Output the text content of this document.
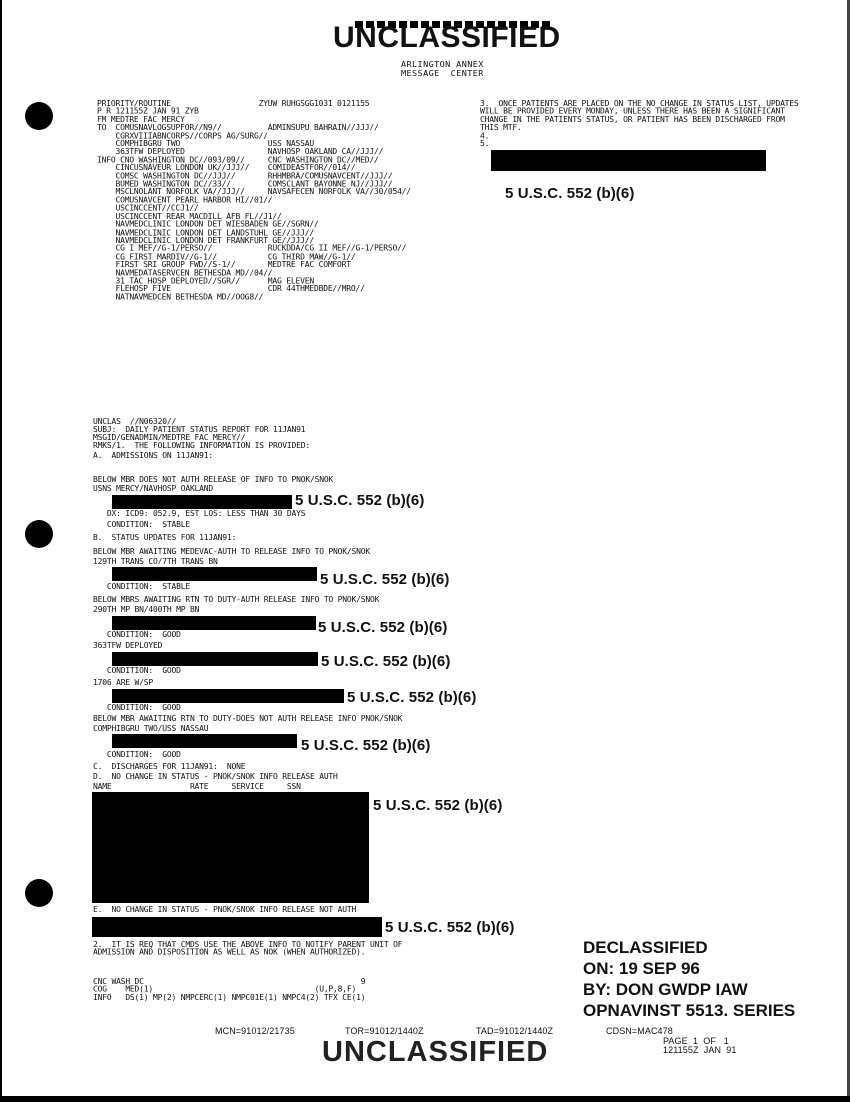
UNCLASSIFIED
ARLINGTON ANNEX
MESSAGE  CENTER
PRIORITY/ROUTINE                   ZYUW RUHGSGG1031 0121155
P R 121155Z JAN 91 ZYB
FM MEDTRE FAC MERCY
TO  COMUSNAVLOGSUPFOR//N9//          ADMINSUPU BAHRAIN//JJJ//
CGRXVIIIABNCORPS//CORPS AG/SURG//
COMPHIBGRU TWO                   USS NASSAU
363TFW DEPLOYED                  NAVHOSP OAKLAND CA//JJJ//
INFO CNO WASHINGTON DC//093/09//     CNC WASHINGTON DC//MED//
CINCUSNAVEUR LONDON UK//JJJ//    COMIDEASTFOR//014//
COMSC WASHINGTON DC//JJJ//       RHHMBRA/COMUSNAVCENT//JJJ//
BUMED WASHINGTON DC//33//        COMSCLANT BAYONNE NJ//JJJ//
MSCLNOLANT NORFOLK VA//JJJ//     NAVSAFECEN NORFOLK VA//30/054//
COMUSNAVCENT PEARL HARBOR HI//01//
USCINCCENT//CCJ1//
USCINCCENT REAR MACDILL AFB FL//J1//
NAVMEDCLINIC LONDON DET WIESBADEN GE//SGRN//
NAVMEDCLINIC LONDON DET LANDSTUHL GE//JJJ//
NAVMEDCLINIC LONDON DET FRANKFURT GE//JJJ//
CG I MEF//G-1/PERSO//            RUCKDDA/CG II MEF//G-1/PERSO//
CG FIRST MARDIV//G-1//           CG THIRD MAW//G-1//
FIRST SRI GROUP FWD//S-1//       MEDTRE FAC COMFORT
NAVMEDATASERVCEN BETHESDA MD//04//
31 TAC HOSP DEPLOYED//SGR//      MAG ELEVEN
FLEHOSP FIVE                     CDR 44THMEDBDE//MRO//
NATNAVMEDCEN BETHESDA MD//OOG8//
3.  ONCE PATIENTS ARE PLACED ON THE NO CHANGE IN STATUS LIST, UPDATES
WILL BE PROVIDED EVERY MONDAY, UNLESS THERE HAS BEEN A SIGNIFICANT
CHANGE IN THE PATIENTS STATUS, OR PATIENT HAS BEEN DISCHARGED FROM
THIS MTF.
4.
5.
5 U.S.C. 552 (b)(6)
UNCLAS  //N06320//
SUBJ:  DAILY PATIENT STATUS REPORT FOR 11JAN91
MSGID/GENADMIN/MEDTRE FAC MERCY//
RMKS/1.  THE FOLLOWING INFORMATION IS PROVIDED:
A.  ADMISSIONS ON 11JAN91:
BELOW MBR DOES NOT AUTH RELEASE OF INFO TO PNOK/SNOK
USNS MERCY/NAVHOSP OAKLAND
5 U.S.C. 552 (b)(6)
DX: ICD9: 052.9, EST LOS: LESS THAN 30 DAYS
CONDITION:  STABLE
B.  STATUS UPDATES FOR 11JAN91:
BELOW MBR AWAITING MEDEVAC-AUTH TO RELEASE INFO TO PNOK/SNOK
129TH TRANS CO/7TH TRANS BN
5 U.S.C. 552 (b)(6)
CONDITION:  STABLE
BELOW MBRS AWAITING RTN TO DUTY-AUTH RELEASE INFO TO PNOK/SNOK
290TH MP BN/400TH MP BN
5 U.S.C. 552 (b)(6)
CONDITION:  GOOD
363TFW DEPLOYED
5 U.S.C. 552 (b)(6)
CONDITION:  GOOD
1706 ARE W/SP
5 U.S.C. 552 (b)(6)
CONDITION:  GOOD
BELOW MBR AWAITING RTN TO DUTY-DOES NOT AUTH RELEASE INFO PNOK/SNOK
COMPHIBGRU TWO/USS NASSAU
5 U.S.C. 552 (b)(6)
CONDITION:  GOOD
C.  DISCHARGES FOR 11JAN91:  NONE
D.  NO CHANGE IN STATUS - PNOK/SNOK INFO RELEASE AUTH
NAME                 RATE     SERVICE     SSN
5 U.S.C. 552 (b)(6)
E.  NO CHANGE IN STATUS - PNOK/SNOK INFO RELEASE NOT AUTH
5 U.S.C. 552 (b)(6)
2.  IT IS REQ THAT CMDS USE THE ABOVE INFO TO NOTIFY PARENT UNIT OF
ADMISSION AND DISPOSITION AS WELL AS NOK (WHEN AUTHORIZED).
CNC WASH DC                                               9
COG    MED(1)                                   (U,P,8,F)
INFO   DS(1) MP(2) NMPCERC(1) NMPC01E(1) NMPC4(2) TFX CE(1)
DECLASSIFIED
ON: 19 SEP 96
BY: DON GWDP IAW
OPNAVINST 5513. SERIES
MCN=91012/21735	TOR=91012/1440Z	TAD=91012/1440Z	CDSN=MAC478
PAGE  1  OF   1
121155Z  JAN  91
UNCLASSIFIED
